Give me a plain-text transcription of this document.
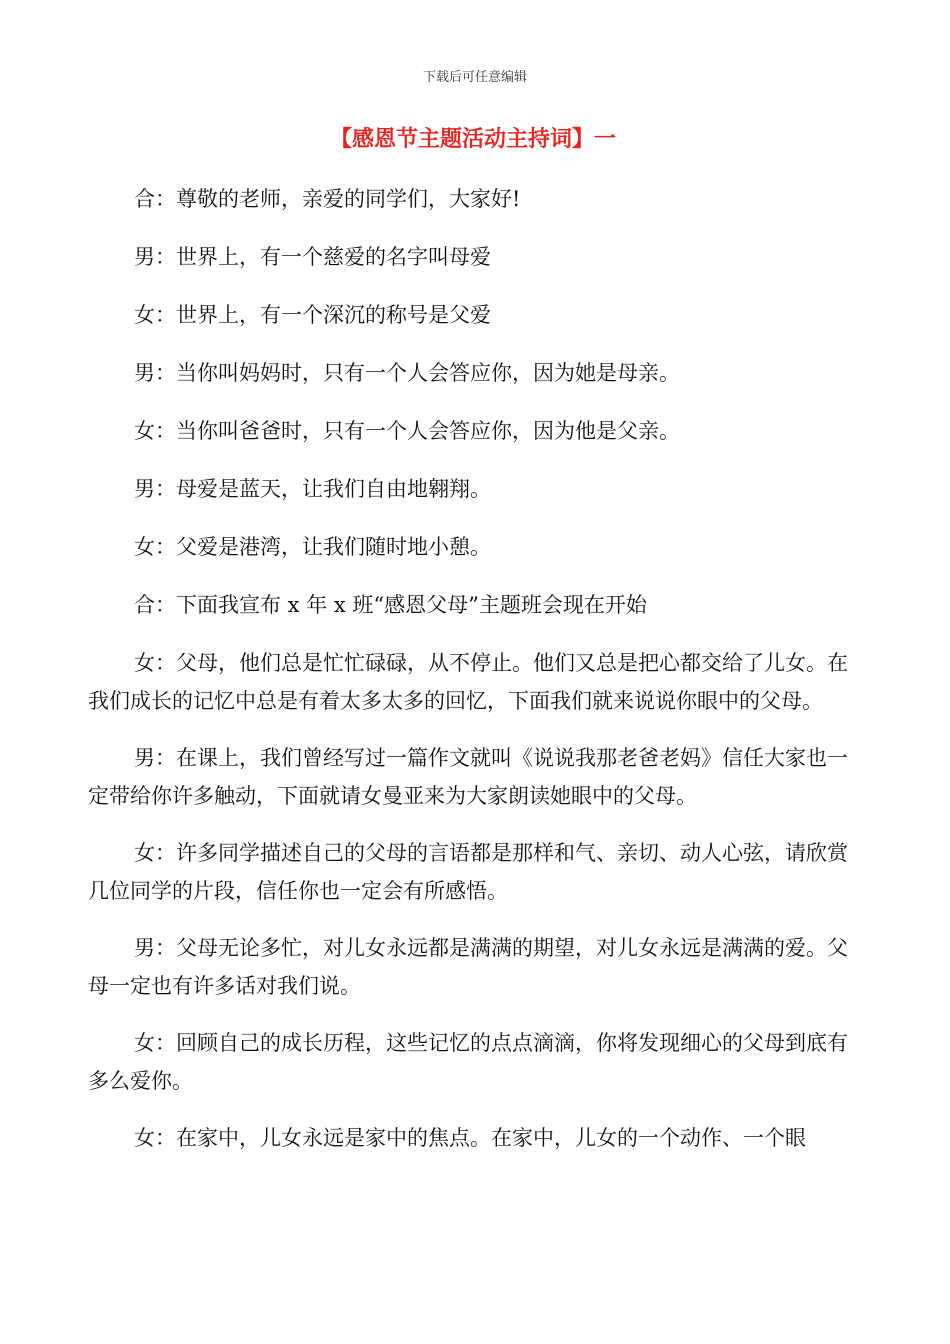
下载后可任意编辑
【感恩节主题活动主持词】一

合：尊敬的老师，亲爱的同学们，大家好!

男：世界上，有一个慈爱的名字叫母爱

女：世界上，有一个深沉的称号是父爱

男：当你叫妈妈时，只有一个人会答应你，因为她是母亲。

女：当你叫爸爸时，只有一个人会答应你，因为他是父亲。

男：母爱是蓝天，让我们自由地翱翔。

女：父爱是港湾，让我们随时地小憩。

合：下面我宣布 x 年 x 班“感恩父母”主题班会现在开始

女：父母，他们总是忙忙碌碌，从不停止。他们又总是把心都交给了儿女。在我们成长的记忆中总是有着太多太多的回忆，下面我们就来说说你眼中的父母。

男：在课上，我们曾经写过一篇作文就叫《说说我那老爸老妈》信任大家也一定带给你许多触动，下面就请女曼亚来为大家朗读她眼中的父母。

女：许多同学描述自己的父母的言语都是那样和气、亲切、动人心弦，请欣赏几位同学的片段，信任你也一定会有所感悟。

男：父母无论多忙，对儿女永远都是满满的期望，对儿女永远是满满的爱。父母一定也有许多话对我们说。

女：回顾自己的成长历程，这些记忆的点点滴滴，你将发现细心的父母到底有多么爱你。

女：在家中，儿女永远是家中的焦点。在家中，儿女的一个动作、一个眼
